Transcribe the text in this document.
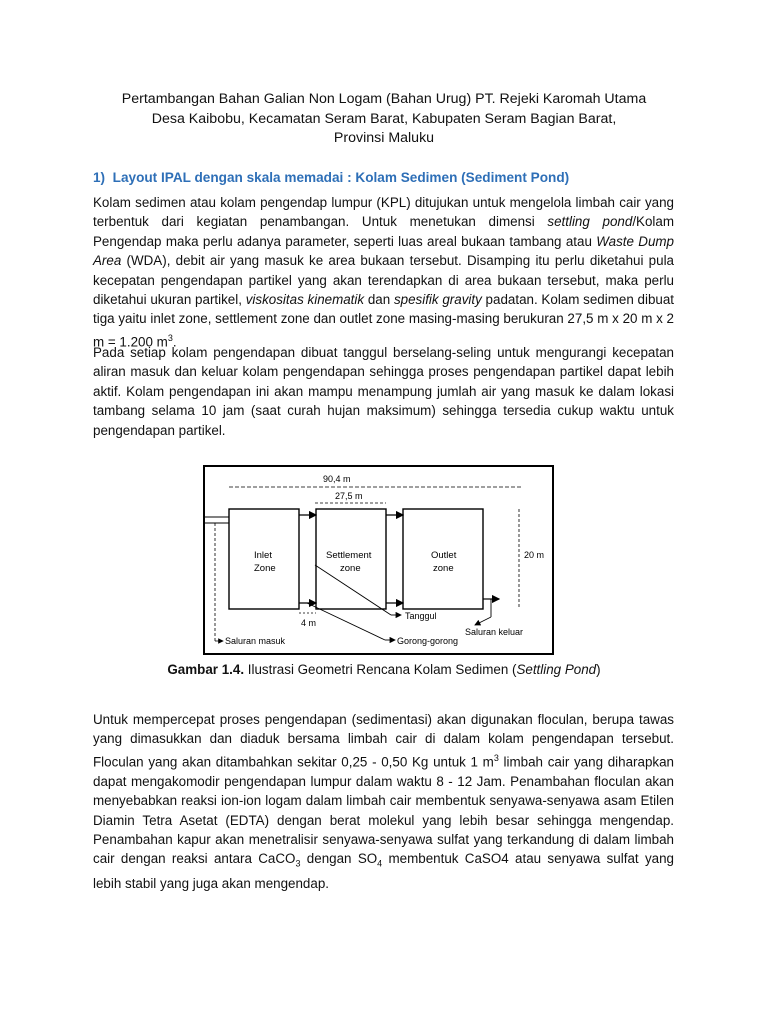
Pertambangan Bahan Galian Non Logam (Bahan Urug) PT. Rejeki Karomah Utama
Desa Kaibobu, Kecamatan Seram Barat, Kabupaten Seram Bagian Barat,
Provinsi Maluku
1) Layout IPAL dengan skala memadai : Kolam Sedimen (Sediment Pond)
Kolam sedimen atau kolam pengendap lumpur (KPL) ditujukan untuk mengelola limbah cair yang terbentuk dari kegiatan penambangan. Untuk menetukan dimensi settling pond/Kolam Pengendap maka perlu adanya parameter, seperti luas areal bukaan tambang atau Waste Dump Area (WDA), debit air yang masuk ke area bukaan tersebut. Disamping itu perlu diketahui pula kecepatan pengendapan partikel yang akan terendapkan di area bukaan tersebut, maka perlu diketahui ukuran partikel, viskositas kinematik dan spesifik gravity padatan. Kolam sedimen dibuat tiga yaitu inlet zone, settlement zone dan outlet zone masing-masing berukuran 27,5 m x 20 m x 2 m = 1.200 $m^3$.
Pada setiap kolam pengendapan dibuat tanggul berselang-seling untuk mengurangi kecepatan aliran masuk dan keluar kolam pengendapan sehingga proses pengendapan partikel dapat lebih aktif. Kolam pengendapan ini akan mampu menampung jumlah air yang masuk ke dalam lokasi tambang selama 10 jam (saat curah hujan maksimum) sehingga tersedia cukup waktu untuk pengendapan partikel.
90,4 m
27,5 m
Inlet
Zone
Settlement
zone
Outlet
zone
20 m
Saluran masuk
4 m
Tanggul
Gorong-gorong
Saluran keluar
Gambar 1.4. Ilustrasi Geometri Rencana Kolam Sedimen (Settling Pond)
Untuk mempercepat proses pengendapan (sedimentasi) akan digunakan floculan, berupa tawas yang dimasukkan dan diaduk bersama limbah cair di dalam kolam pengendapan tersebut. Floculan yang akan ditambahkan sekitar 0,25 - 0,50 Kg untuk 1 $m^3$ limbah cair yang diharapkan dapat mengakomodir pengendapan lumpur dalam waktu 8 - 12 Jam. Penambahan floculan akan menyebabkan reaksi ion-ion logam dalam limbah cair membentuk senyawa-senyawa asam Etilen Diamin Tetra Asetat (EDTA) dengan berat molekul yang lebih besar sehingga mengendap. Penambahan kapur akan menetralisir senyawa-senyawa sulfat yang terkandung di dalam limbah cair dengan reaksi antara CaCO$_3$ dengan $SO_4$ membentuk CaSO4 atau senyawa sulfat yang lebih stabil yang juga akan mengendap.
